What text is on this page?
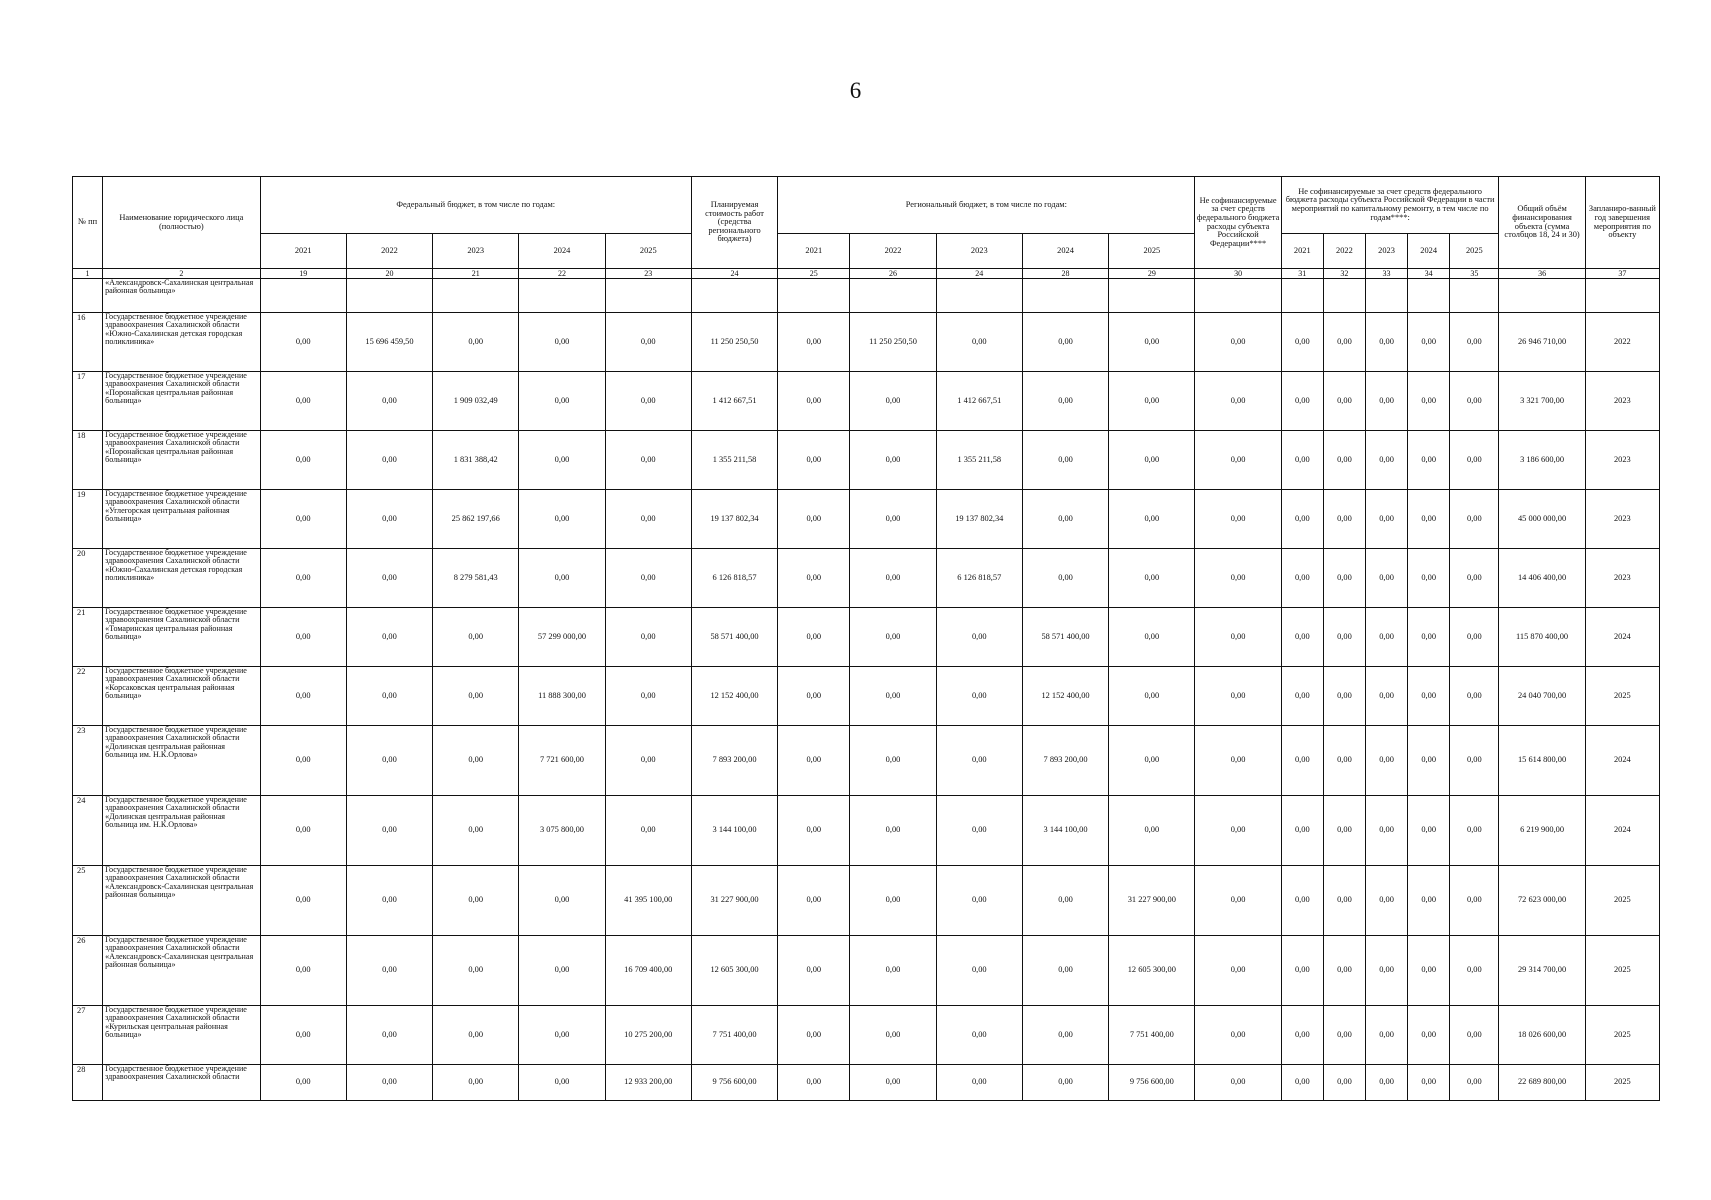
6
№ пп	Наименование юридического лица (полностью)	Федеральный бюджет, в том числе по годам:					Планируемая стоимость работ (средства регионального бюджета)	Региональный бюджет, в том числе по годам:					Не софинансируемые за счет средств федерального бюджета расходы субъекта Российской Федерации****	Не софинансируемые за счет средств федерального бюджета расходы субъекта Российской Федерации в части мероприятий по капитальному ремонту, в тем числе по годам****:					Общий объём финансирования объекта (сумма столбцов 18, 24 и 30)	Запланиро-ванный год завершения мероприятия по объекту
		2021	2022	2023	2024	2025		2021	2022	2023	2024	2025		2021	2022	2023	2024	2025		
1	2	19	20	21	22	23	24	25	26	24	28	29	30	31	32	33	34	35	36	37
	«Александровск-Сахалинская центральная районная больница»																			
16	Государственное бюджетное учреждение здравоохранения Сахалинской области «Южно-Сахалинская детская городская поликлиника»	0,00	15 696 459,50	0,00	0,00	0,00	11 250 250,50	0,00	11 250 250,50	0,00	0,00	0,00	0,00	0,00	0,00	0,00	0,00	0,00	26 946 710,00	2022
17	Государственное бюджетное учреждение здравоохранения Сахалинской области «Поронайская центральная районная больница»	0,00	0,00	1 909 032,49	0,00	0,00	1 412 667,51	0,00	0,00	1 412 667,51	0,00	0,00	0,00	0,00	0,00	0,00	0,00	0,00	3 321 700,00	2023
18	Государственное бюджетное учреждение здравоохранения Сахалинской области «Поронайская центральная районная больница»	0,00	0,00	1 831 388,42	0,00	0,00	1 355 211,58	0,00	0,00	1 355 211,58	0,00	0,00	0,00	0,00	0,00	0,00	0,00	0,00	3 186 600,00	2023
19	Государственное бюджетное учреждение здравоохранения Сахалинской области «Углегорская центральная районная больница»	0,00	0,00	25 862 197,66	0,00	0,00	19 137 802,34	0,00	0,00	19 137 802,34	0,00	0,00	0,00	0,00	0,00	0,00	0,00	0,00	45 000 000,00	2023
20	Государственное бюджетное учреждение здравоохранения Сахалинской области «Южно-Сахалинская детская городская поликлиника»	0,00	0,00	8 279 581,43	0,00	0,00	6 126 818,57	0,00	0,00	6 126 818,57	0,00	0,00	0,00	0,00	0,00	0,00	0,00	0,00	14 406 400,00	2023
21	Государственное бюджетное учреждение здравоохранения Сахалинской области «Томаринская центральная районная больница»	0,00	0,00	0,00	57 299 000,00	0,00	58 571 400,00	0,00	0,00	0,00	58 571 400,00	0,00	0,00	0,00	0,00	0,00	0,00	0,00	115 870 400,00	2024
22	Государственное бюджетное учреждение здравоохранения Сахалинской области «Корсаковская центральная районная больница»	0,00	0,00	0,00	11 888 300,00	0,00	12 152 400,00	0,00	0,00	0,00	12 152 400,00	0,00	0,00	0,00	0,00	0,00	0,00	0,00	24 040 700,00	2025
23	Государственное бюджетное учреждение здравоохранения Сахалинской области «Долинская центральная районная больница им. Н.К.Орлова»	0,00	0,00	0,00	7 721 600,00	0,00	7 893 200,00	0,00	0,00	0,00	7 893 200,00	0,00	0,00	0,00	0,00	0,00	0,00	0,00	15 614 800,00	2024
24	Государственное бюджетное учреждение здравоохранения Сахалинской области «Долинская центральная районная больница им. Н.К.Орлова»	0,00	0,00	0,00	3 075 800,00	0,00	3 144 100,00	0,00	0,00	0,00	3 144 100,00	0,00	0,00	0,00	0,00	0,00	0,00	0,00	6 219 900,00	2024
25	Государственное бюджетное учреждение здравоохранения Сахалинской области «Александровск-Сахалинская центральная районная больница»	0,00	0,00	0,00	0,00	41 395 100,00	31 227 900,00	0,00	0,00	0,00	0,00	31 227 900,00	0,00	0,00	0,00	0,00	0,00	0,00	72 623 000,00	2025
26	Государственное бюджетное учреждение здравоохранения Сахалинской области «Александровск-Сахалинская центральная районная больница»	0,00	0,00	0,00	0,00	16 709 400,00	12 605 300,00	0,00	0,00	0,00	0,00	12 605 300,00	0,00	0,00	0,00	0,00	0,00	0,00	29 314 700,00	2025
27	Государственное бюджетное учреждение здравоохранения Сахалинской области «Курильская центральная районная больница»	0,00	0,00	0,00	0,00	10 275 200,00	7 751 400,00	0,00	0,00	0,00	0,00	7 751 400,00	0,00	0,00	0,00	0,00	0,00	0,00	18 026 600,00	2025
28	Государственное бюджетное учреждение здравоохранения Сахалинской области	0,00	0,00	0,00	0,00	12 933 200,00	9 756 600,00	0,00	0,00	0,00	0,00	9 756 600,00	0,00	0,00	0,00	0,00	0,00	0,00	22 689 800,00	2025
